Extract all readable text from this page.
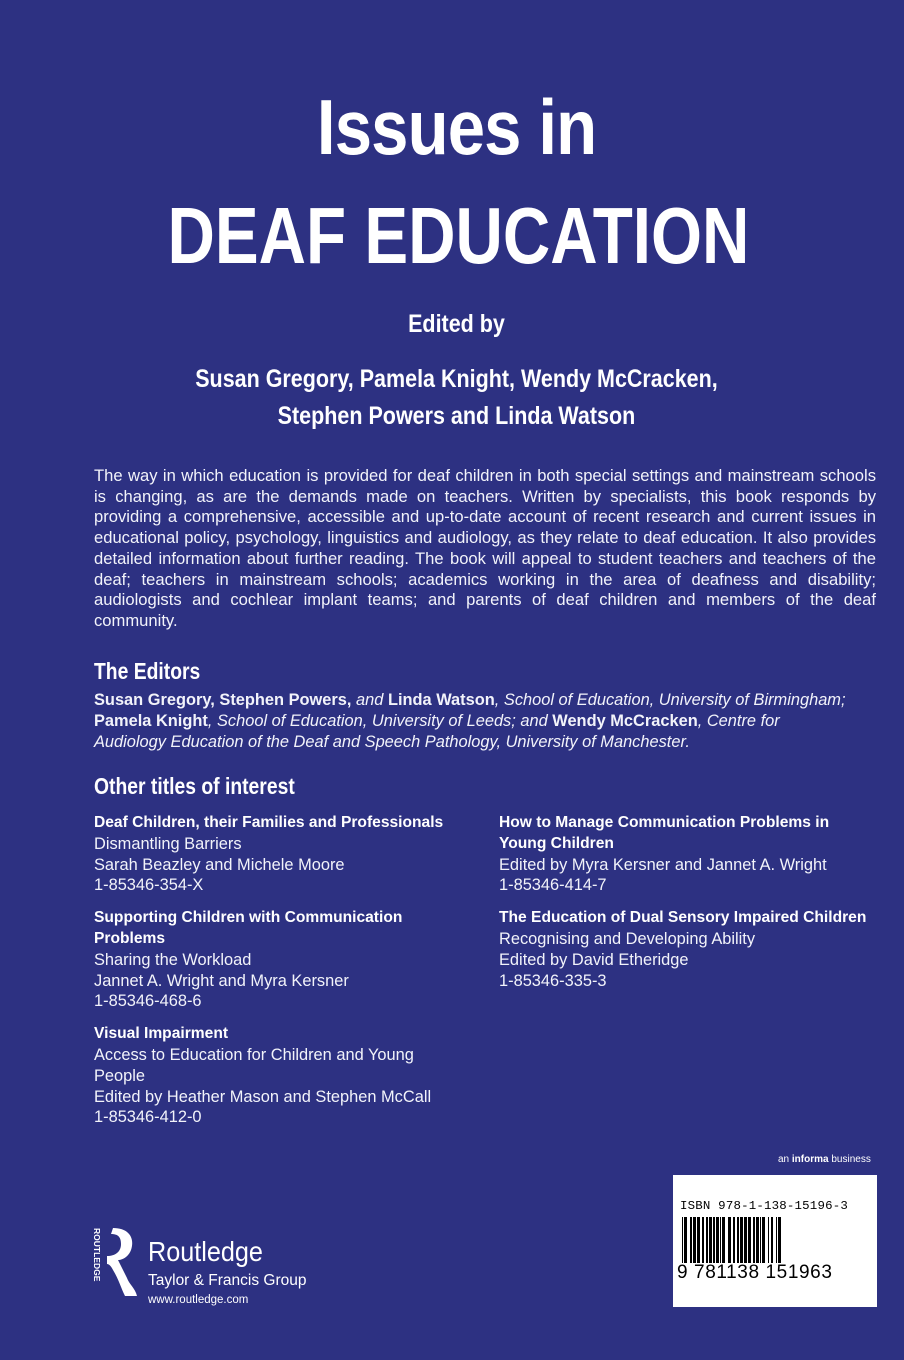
Issues in
DEAF EDUCATION
Edited by
Susan Gregory, Pamela Knight, Wendy McCracken,
Stephen Powers and Linda Watson

The way in which education is provided for deaf children in both special settings and mainstream schools is changing, as are the demands made on teachers. Written by specialists, this book responds by providing a comprehensive, accessible and up-to-date account of recent research and current issues in educational policy, psychology, linguistics and audiology, as they relate to deaf education. It also provides detailed information about further reading. The book will appeal to student teachers and teachers of the deaf; teachers in mainstream schools; academics working in the area of deafness and disability; audiologists and cochlear implant teams; and parents of deaf children and members of the deaf community.

The Editors
Susan Gregory, Stephen Powers, and Linda Watson, School of Education, University of Birmingham; Pamela Knight, School of Education, University of Leeds; and Wendy McCracken, Centre for Audiology Education of the Deaf and Speech Pathology, University of Manchester.
Other titles of interest
Deaf Children, their Families and Professionals
Dismantling Barriers
Sarah Beazley and Michele Moore
1-85346-354-X
Supporting Children with Communication Problems
Sharing the Workload
Jannet A. Wright and Myra Kersner
1-85346-468-6
Visual Impairment
Access to Education for Children and Young People
Edited by Heather Mason and Stephen McCall
1-85346-412-0
How to Manage Communication Problems in Young Children
Edited by Myra Kersner and Jannet A. Wright
1-85346-414-7
The Education of Dual Sensory Impaired Children
Recognising and Developing Ability
Edited by David Etheridge
1-85346-335-3
an informa business
ISBN 978-1-138-15196-3
9 781138 151963
ROUTLEDGE Routledge
Taylor & Francis Group
www.routledge.com
